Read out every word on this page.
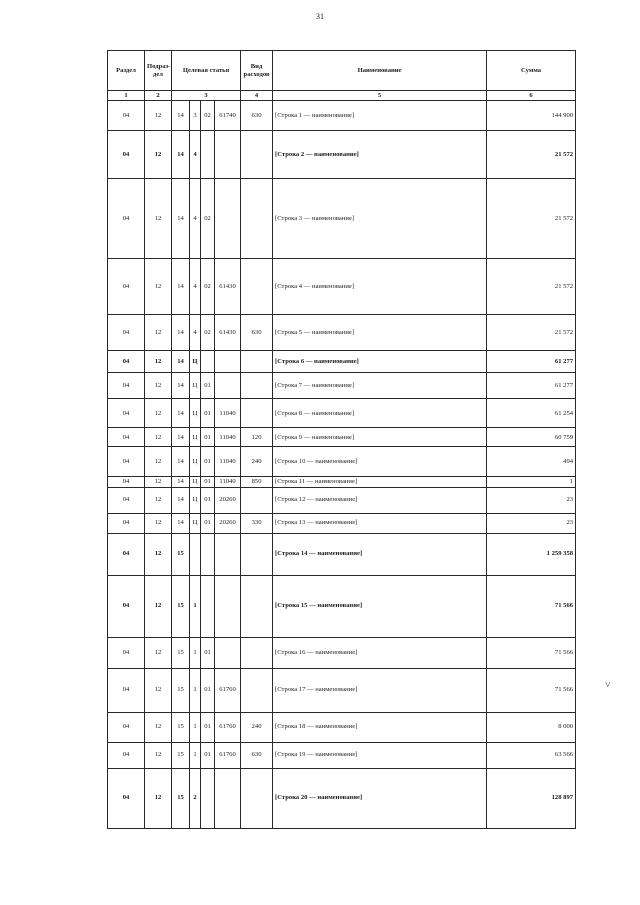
31
Раздел	Подраз-дел	Целевая статья				Вид расходов	Наименование	Сумма
1	2	3				4	5	6
04	12	14	3	02	61740	630	[Строка 1 — наименование]	144 900
04	12	14	4				[Строка 2 — наименование]	21 572
04	12	14	4	02			[Строка 3 — наименование]	21 572
04	12	14	4	02	61430		[Строка 4 — наименование]	21 572
04	12	14	4	02	61430	630	[Строка 5 — наименование]	21 572
04	12	14	Ц				[Строка 6 — наименование]	61 277
04	12	14	Ц	01			[Строка 7 — наименование]	61 277
04	12	14	Ц	01	11040		[Строка 8 — наименование]	61 254
04	12	14	Ц	01	11040	120	[Строка 9 — наименование]	60 759
04	12	14	Ц	01	11040	240	[Строка 10 — наименование]	494
04	12	14	Ц	01	11040	850	[Строка 11 — наименование]	1
04	12	14	Ц	01	20260		[Строка 12 — наименование]	23
04	12	14	Ц	01	20260	330	[Строка 13 — наименование]	23
04	12	15					[Строка 14 — наименование]	1 259 358
04	12	15	1				[Строка 15 — наименование]	71 566
04	12	15	1	01			[Строка 16 — наименование]	71 566
04	12	15	1	01	61760		[Строка 17 — наименование]	71 566
04	12	15	1	01	61760	240	[Строка 18 — наименование]	8 000
04	12	15	1	01	61760	630	[Строка 19 — наименование]	63 566
04	12	15	2				[Строка 20 — наименование]	128 897
˅
